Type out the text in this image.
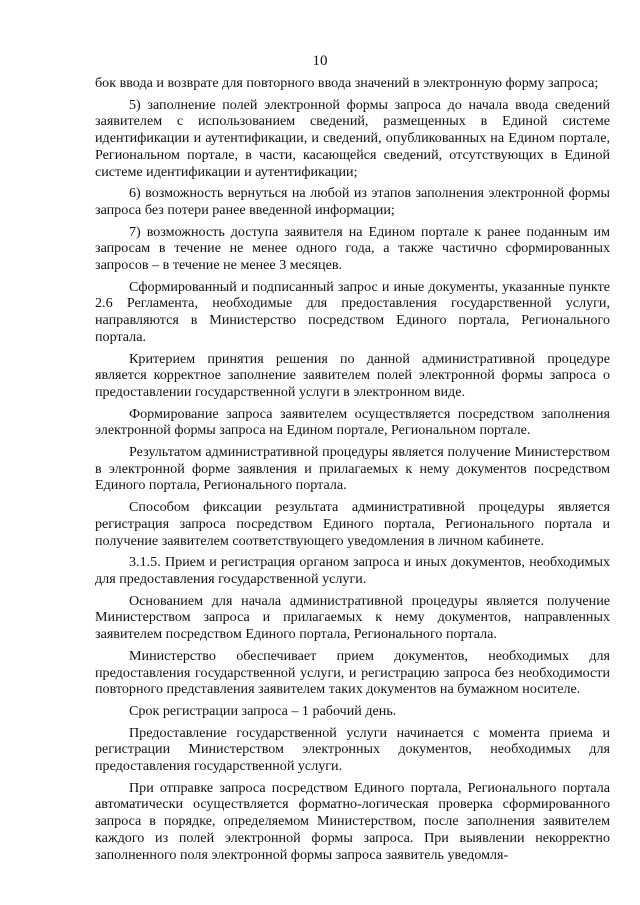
10

бок ввода и возврате для повторного ввода значений в электронную форму запроса;

5) заполнение полей электронной формы запроса до начала ввода сведений заявителем с использованием сведений, размещенных в Единой системе идентификации и аутентификации, и сведений, опубликованных на Едином портале, Региональном портале, в части, касающейся сведений, отсутствующих в Единой системе идентификации и аутентификации;

6) возможность вернуться на любой из этапов заполнения электронной формы запроса без потери ранее введенной информации;

7) возможность доступа заявителя на Едином портале к ранее поданным им запросам в течение не менее одного года, а также частично сформированных запросов – в течение не менее 3 месяцев.

Сформированный и подписанный запрос и иные документы, указанные пункте 2.6 Регламента, необходимые для предоставления государственной услуги, направляются в Министерство посредством Единого портала, Регионального портала.

Критерием принятия решения по данной административной процедуре является корректное заполнение заявителем полей электронной формы запроса о предоставлении государственной услуги в электронном виде.

Формирование запроса заявителем осуществляется посредством заполнения электронной формы запроса на Едином портале, Региональном портале.

Результатом административной процедуры является получение Министерством в электронной форме заявления и прилагаемых к нему документов посредством Единого портала, Регионального портала.

Способом фиксации результата административной процедуры является регистрация запроса посредством Единого портала, Регионального портала и получение заявителем соответствующего уведомления в личном кабинете.

3.1.5. Прием и регистрация органом запроса и иных документов, необходимых для предоставления государственной услуги.

Основанием для начала административной процедуры является получение Министерством запроса и прилагаемых к нему документов, направленных заявителем посредством Единого портала, Регионального портала.

Министерство обеспечивает прием документов, необходимых для предоставления государственной услуги, и регистрацию запроса без необходимости повторного представления заявителем таких документов на бумажном носителе.

Срок регистрации запроса – 1 рабочий день.

Предоставление государственной услуги начинается с момента приема и регистрации Министерством электронных документов, необходимых для предоставления государственной услуги.

При отправке запроса посредством Единого портала, Регионального портала автоматически осуществляется форматно-логическая проверка сформированного запроса в порядке, определяемом Министерством, после заполнения заявителем каждого из полей электронной формы запроса. При выявлении некорректно заполненного поля электронной формы запроса заявитель уведомля-
